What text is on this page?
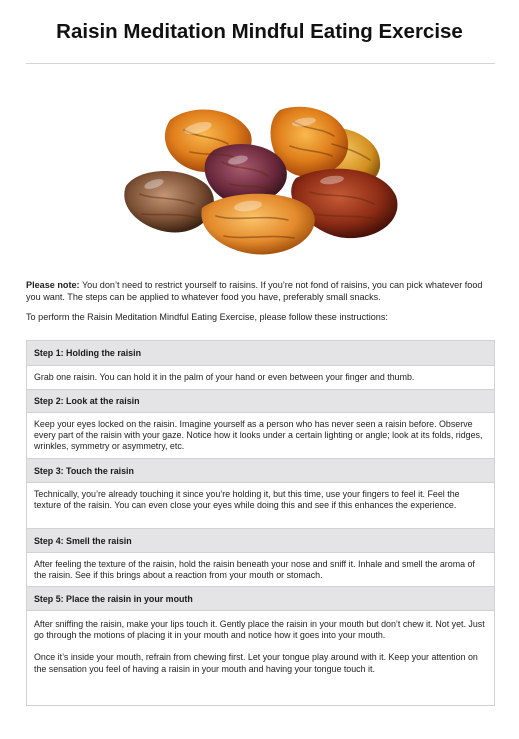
Raisin Meditation Mindful Eating Exercise
Please note: You don’t need to restrict yourself to raisins. If you’re not fond of raisins, you can pick whatever food you want. The steps can be applied to whatever food you have, preferably small snacks.
To perform the Raisin Meditation Mindful Eating Exercise, please follow these instructions:
Step 1: Holding the raisin

Grab one raisin. You can hold it in the palm of your hand or even between your finger and thumb.

Step 2: Look at the raisin

Keep your eyes locked on the raisin. Imagine yourself as a person who has never seen a raisin before. Observe every part of the raisin with your gaze. Notice how it looks under a certain lighting or angle; look at its folds, ridges, wrinkles, symmetry or asymmetry, etc.

Step 3: Touch the raisin

Technically, you’re already touching it since you’re holding it, but this time, use your fingers to feel it. Feel the texture of the raisin. You can even close your eyes while doing this and see if this enhances the experience.

Step 4: Smell the raisin

After feeling the texture of the raisin, hold the raisin beneath your nose and sniff it. Inhale and smell the aroma of the raisin. See if this brings about a reaction from your mouth or stomach.

Step 5: Place the raisin in your mouth

After sniffing the raisin, make your lips touch it. Gently place the raisin in your mouth but don’t chew it. Not yet. Just go through the motions of placing it in your mouth and notice how it goes into your mouth.

Once it’s inside your mouth, refrain from chewing first. Let your tongue play around with it. Keep your attention on the sensation you feel of having a raisin in your mouth and having your tongue touch it.
